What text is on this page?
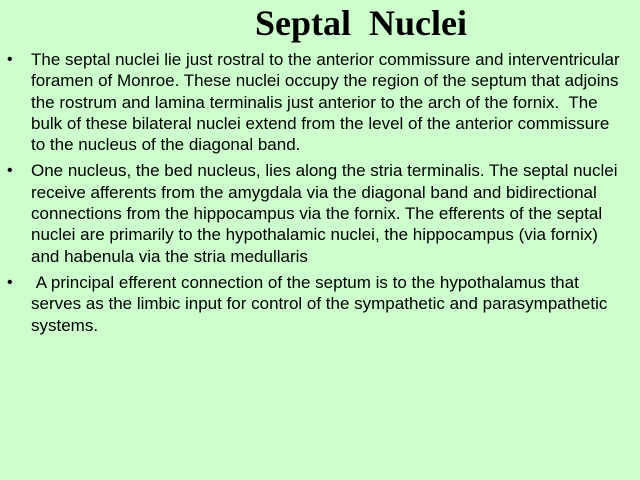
Septal  Nuclei
• The septal nuclei lie just rostral to the anterior commissure and interventricular foramen of Monroe. These nuclei occupy the region of the septum that adjoins the rostrum and lamina terminalis just anterior to the arch of the fornix.  The bulk of these bilateral nuclei extend from the level of the anterior commissure to the nucleus of the diagonal band.
• One nucleus, the bed nucleus, lies along the stria terminalis. The septal nuclei receive afferents from the amygdala via the diagonal band and bidirectional connections from the hippocampus via the fornix. The efferents of the septal nuclei are primarily to the hypothalamic nuclei, the hippocampus (via fornix) and habenula via the stria medullaris
• A principal efferent connection of the septum is to the hypothalamus that serves as the limbic input for control of the sympathetic and parasympathetic systems.
